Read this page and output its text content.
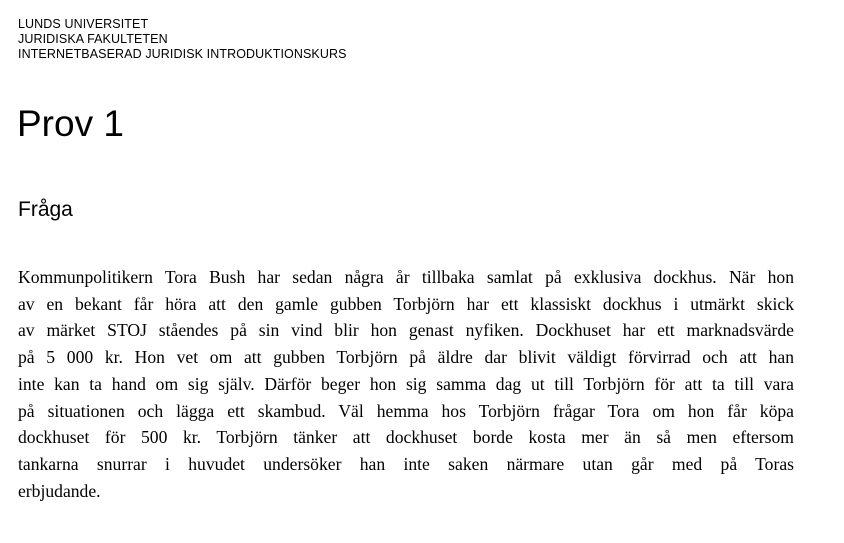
LUNDS UNIVERSITET
JURIDISKA FAKULTETEN
INTERNETBASERAD JURIDISK INTRODUKTIONSKURS
Prov 1
Fråga
Kommunpolitikern Tora Bush har sedan några år tillbaka samlat på exklusiva dockhus. När hon
av en bekant får höra att den gamle gubben Torbjörn har ett klassiskt dockhus i utmärkt skick
av märket STOJ ståendes på sin vind blir hon genast nyfiken. Dockhuset har ett marknadsvärde
på 5 000 kr. Hon vet om att gubben Torbjörn på äldre dar blivit väldigt förvirrad och att han
inte kan ta hand om sig själv. Därför beger hon sig samma dag ut till Torbjörn för att ta till vara
på situationen och lägga ett skambud. Väl hemma hos Torbjörn frågar Tora om hon får köpa
dockhuset för 500 kr. Torbjörn tänker att dockhuset borde kosta mer än så men eftersom
tankarna snurrar i huvudet undersöker han inte saken närmare utan går med på Toras
erbjudande.
